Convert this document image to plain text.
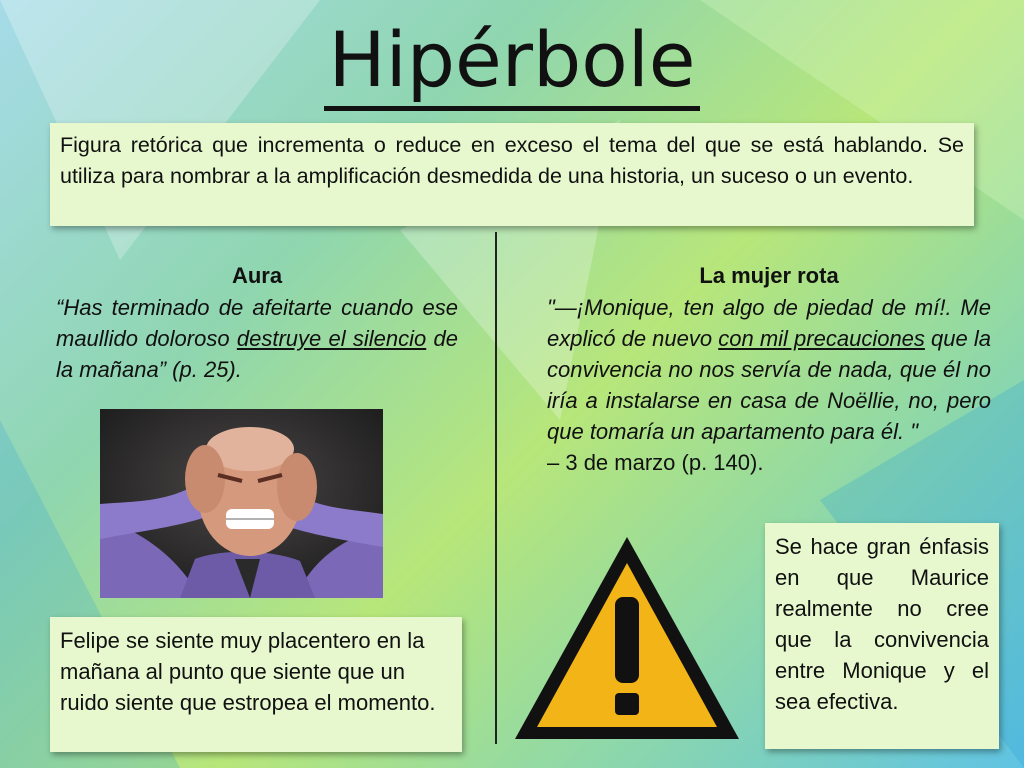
Hipérbole
Figura retórica que incrementa o reduce en exceso el tema del que se está hablando. Se utiliza para nombrar a la amplificación desmedida de una historia, un suceso o un evento.
Aura
“Has terminado de afeitarte cuando ese maullido doloroso destruye el silencio de la mañana” (p. 25).
Felipe se siente muy placentero en la mañana al punto que siente que un ruido siente que estropea el momento.
La mujer rota
"—¡Monique, ten algo de piedad de mí!. Me explicó de nuevo con mil precauciones que la convivencia no nos servía de nada, que él no iría a instalarse en casa de Noëllie, no, pero que tomaría un apartamento para él. "
– 3 de marzo (p. 140).
Se hace gran énfasis en que Maurice realmente no cree que la convivencia entre Monique y el sea efectiva.
